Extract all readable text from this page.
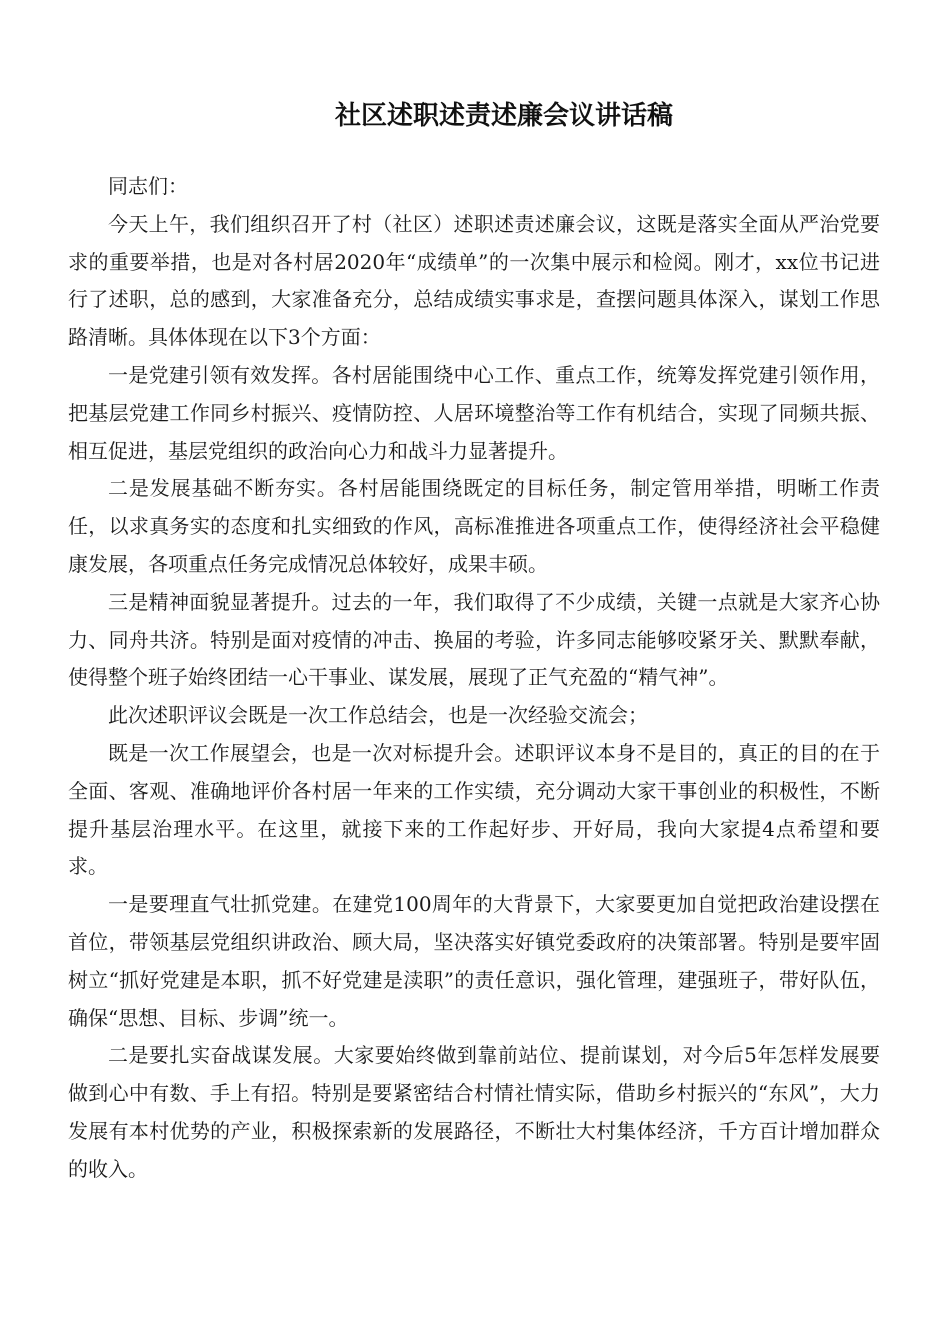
社区述职述责述廉会议讲话稿

同志们：

今天上午，我们组织召开了村（社区）述职述责述廉会议，这既是落实全面从严治党要求的重要举措，也是对各村居2020年“成绩单”的一次集中展示和检阅。刚才，xx位书记进行了述职，总的感到，大家准备充分，总结成绩实事求是，查摆问题具体深入，谋划工作思路清晰。具体体现在以下3个方面：

一是党建引领有效发挥。各村居能围绕中心工作、重点工作，统筹发挥党建引领作用，把基层党建工作同乡村振兴、疫情防控、人居环境整治等工作有机结合，实现了同频共振、相互促进，基层党组织的政治向心力和战斗力显著提升。

二是发展基础不断夯实。各村居能围绕既定的目标任务，制定管用举措，明晰工作责任，以求真务实的态度和扎实细致的作风，高标准推进各项重点工作，使得经济社会平稳健康发展，各项重点任务完成情况总体较好，成果丰硕。

三是精神面貌显著提升。过去的一年，我们取得了不少成绩，关键一点就是大家齐心协力、同舟共济。特别是面对疫情的冲击、换届的考验，许多同志能够咬紧牙关、默默奉献，使得整个班子始终团结一心干事业、谋发展，展现了正气充盈的“精气神”。

此次述职评议会既是一次工作总结会，也是一次经验交流会；

既是一次工作展望会，也是一次对标提升会。述职评议本身不是目的，真正的目的在于全面、客观、准确地评价各村居一年来的工作实绩，充分调动大家干事创业的积极性，不断提升基层治理水平。在这里，就接下来的工作起好步、开好局，我向大家提4点希望和要求。

一是要理直气壮抓党建。在建党100周年的大背景下，大家要更加自觉把政治建设摆在首位，带领基层党组织讲政治、顾大局，坚决落实好镇党委政府的决策部署。特别是要牢固树立“抓好党建是本职，抓不好党建是渎职”的责任意识，强化管理，建强班子，带好队伍，确保“思想、目标、步调”统一。

二是要扎实奋战谋发展。大家要始终做到靠前站位、提前谋划，对今后5年怎样发展要做到心中有数、手上有招。特别是要紧密结合村情社情实际，借助乡村振兴的“东风”，大力发展有本村优势的产业，积极探索新的发展路径，不断壮大村集体经济，千方百计增加群众的收入。
